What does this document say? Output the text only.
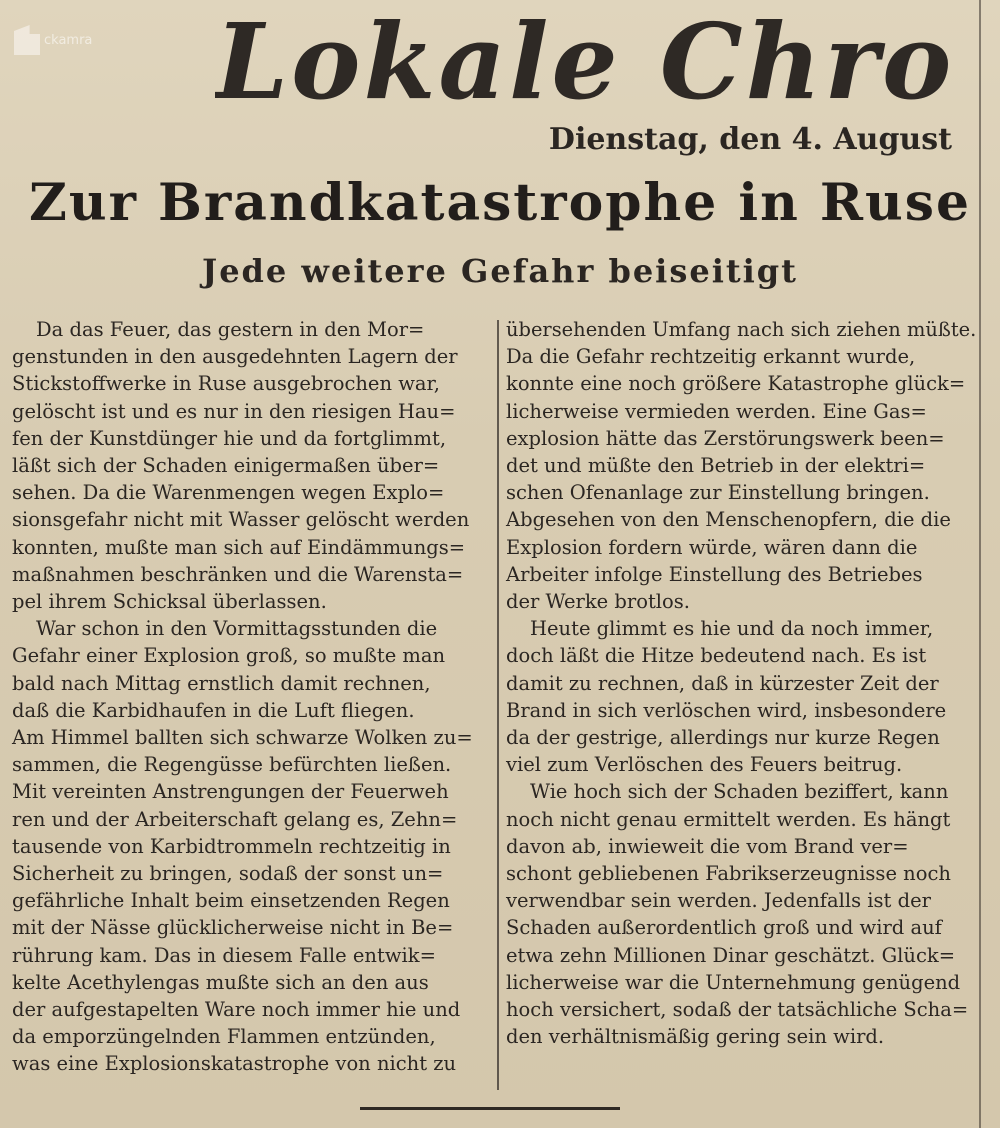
ckamra Lokale Chro
Dienstag, den 4. August
Zur Brandkatastrophe in Ruse
Jede weitere Gefahr beiseitigt
Da das Feuer, das gestern in den Mor=
genstunden in den ausgedehnten Lagern der
Stickstoffwerke in Ruse ausgebrochen war,
gelöscht ist und es nur in den riesigen Hau=
fen der Kunstdünger hie und da fortglimmt,
läßt sich der Schaden einigermaßen über=
sehen. Da die Warenmengen wegen Explo=
sionsgefahr nicht mit Wasser gelöscht werden
konnten, mußte man sich auf Eindämmungs=
maßnahmen beschränken und die Warensta=
pel ihrem Schicksal überlassen.
War schon in den Vormittagsstunden die
Gefahr einer Explosion groß, so mußte man
bald nach Mittag ernstlich damit rechnen,
daß die Karbidhaufen in die Luft fliegen.
Am Himmel ballten sich schwarze Wolken zu=
sammen, die Regengüsse befürchten ließen.
Mit vereinten Anstrengungen der Feuerweh
ren und der Arbeiterschaft gelang es, Zehn=
tausende von Karbidtrommeln rechtzeitig in
Sicherheit zu bringen, sodaß der sonst un=
gefährliche Inhalt beim einsetzenden Regen
mit der Nässe glücklicherweise nicht in Be=
rührung kam. Das in diesem Falle entwik=
kelte Acethylengas mußte sich an den aus
der aufgestapelten Ware noch immer hie und
da emporzüngelnden Flammen entzünden,
was eine Explosionskatastrophe von nicht zu
übersehenden Umfang nach sich ziehen müßte.
Da die Gefahr rechtzeitig erkannt wurde,
konnte eine noch größere Katastrophe glück=
licherweise vermieden werden. Eine Gas=
explosion hätte das Zerstörungswerk been=
det und müßte den Betrieb in der elektri=
schen Ofenanlage zur Einstellung bringen.
Abgesehen von den Menschenopfern, die die
Explosion fordern würde, wären dann die
Arbeiter infolge Einstellung des Betriebes
der Werke brotlos.
Heute glimmt es hie und da noch immer,
doch läßt die Hitze bedeutend nach. Es ist
damit zu rechnen, daß in kürzester Zeit der
Brand in sich verlöschen wird, insbesondere
da der gestrige, allerdings nur kurze Regen
viel zum Verlöschen des Feuers beitrug.
Wie hoch sich der Schaden beziffert, kann
noch nicht genau ermittelt werden. Es hängt
davon ab, inwieweit die vom Brand ver=
schont gebliebenen Fabrikserzeugnisse noch
verwendbar sein werden. Jedenfalls ist der
Schaden außerordentlich groß und wird auf
etwa zehn Millionen Dinar geschätzt. Glück=
licherweise war die Unternehmung genügend
hoch versichert, sodaß der tatsächliche Scha=
den verhältnismäßig gering sein wird.
